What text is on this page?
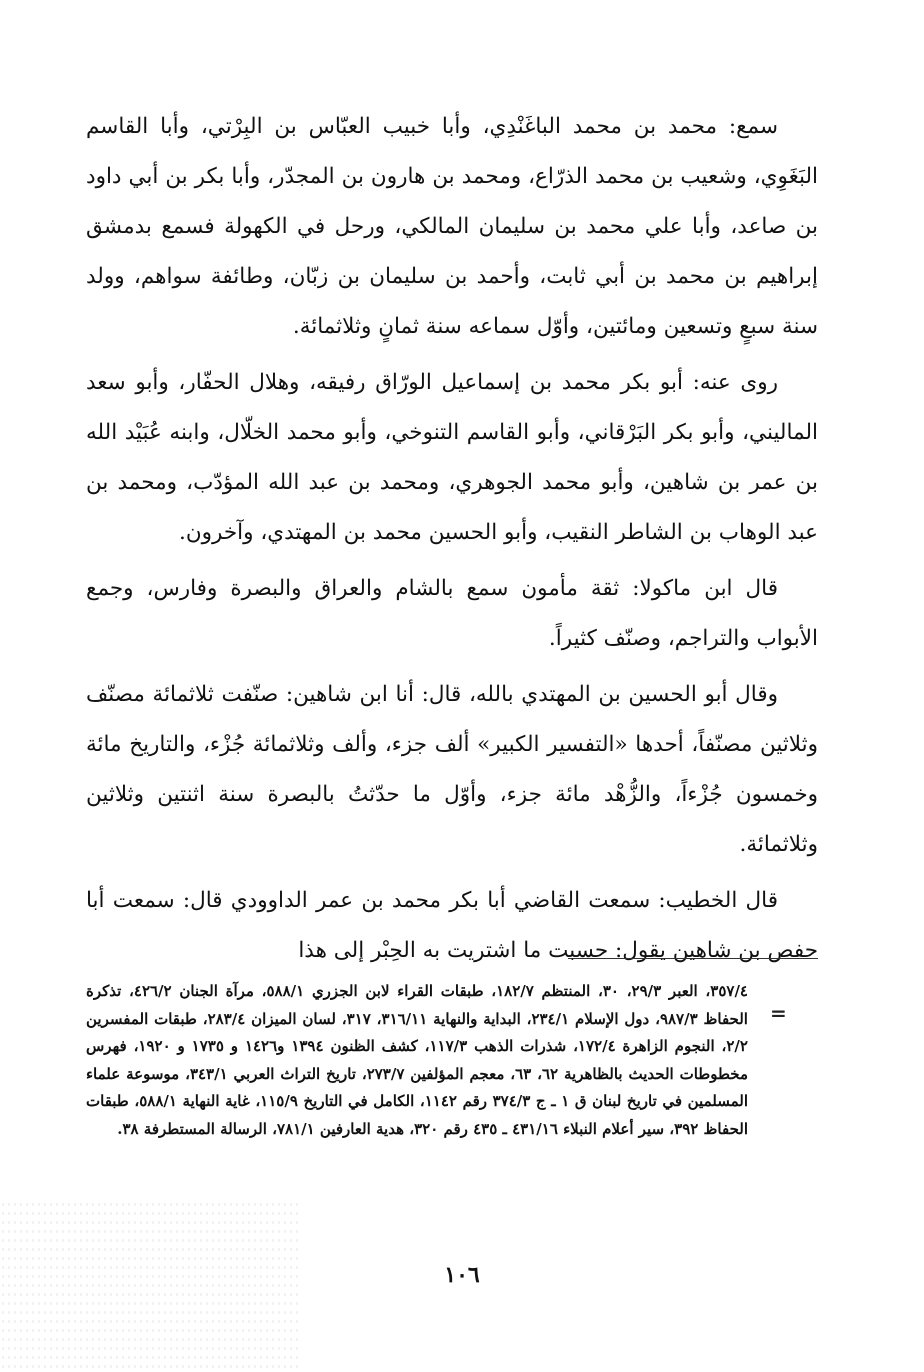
سمع: محمد بن محمد الباغَنْدِي، وأبا خبيب العبّاس بن البِرْتي، وأبا القاسم البَغَوِي، وشعيب بن محمد الذرّاع، ومحمد بن هارون بن المجدّر، وأبا بكر بن أبي داود بن صاعد، وأبا علي محمد بن سليمان المالكي، ورحل في الكهولة فسمع بدمشق إبراهيم بن محمد بن أبي ثابت، وأحمد بن سليمان بن زبّان، وطائفة سواهم، وولد سنة سبعٍ وتسعين ومائتين، وأوّل سماعه سنة ثمانٍ وثلاثمائة.

روى عنه: أبو بكر محمد بن إسماعيل الورّاق رفيقه، وهلال الحفّار، وأبو سعد الماليني، وأبو بكر البَرْقاني، وأبو القاسم التنوخي، وأبو محمد الخلّال، وابنه عُبَيْد الله بن عمر بن شاهين، وأبو محمد الجوهري، ومحمد بن عبد الله المؤدّب، ومحمد بن عبد الوهاب بن الشاطر النقيب، وأبو الحسين محمد بن المهتدي، وآخرون.

قال ابن ماكولا: ثقة مأمون سمع بالشام والعراق والبصرة وفارس، وجمع الأبواب والتراجم، وصنّف كثيراً.

وقال أبو الحسين بن المهتدي بالله، قال: أنا ابن شاهين: صنّفت ثلاثمائة مصنّف وثلاثين مصنّفاً، أحدها «التفسير الكبير» ألف جزء، وألف وثلاثمائة جُزْء، والتاريخ مائة وخمسون جُزْءاً، والزُّهْد مائة جزء، وأوّل ما حدّثتُ بالبصرة سنة اثنتين وثلاثين وثلاثمائة.

قال الخطيب: سمعت القاضي أبا بكر محمد بن عمر الداوودي قال: سمعت أبا حفص بن شاهين يقول: حسبت ما اشتريت به الحِبْر إلى هذا

=
٣٥٧/٤، العبر ٢٩/٣، ٣٠، المنتظم ١٨٢/٧، طبقات القراء لابن الجزري ٥٨٨/١، مرآة الجنان ٤٢٦/٢، تذكرة الحفاظ ٩٨٧/٣، دول الإسلام ٢٣٤/١، البداية والنهاية ٣١٦/١١، ٣١٧، لسان الميزان ٢٨٣/٤، طبقات المفسرين ٢/٢، النجوم الزاهرة ١٧٢/٤، شذرات الذهب ١١٧/٣، كشف الظنون ١٣٩٤ و١٤٢٦ و ١٧٣٥ و ١٩٢٠، فهرس مخطوطات الحديث بالظاهرية ٦٢، ٦٣، معجم المؤلفين ٢٧٣/٧، تاريخ التراث العربي ٣٤٣/١، موسوعة علماء المسلمين في تاريخ لبنان ق ١ ـ ج ٣٧٤/٣ رقم ١١٤٢، الكامل في التاريخ ١١٥/٩، غاية النهاية ٥٨٨/١، طبقات الحفاظ ٣٩٢، سير أعلام النبلاء ٤٣١/١٦ ـ ٤٣٥ رقم ٣٢٠، هدية العارفين ٧٨١/١، الرسالة المستطرفة ٣٨.
١٠٦
